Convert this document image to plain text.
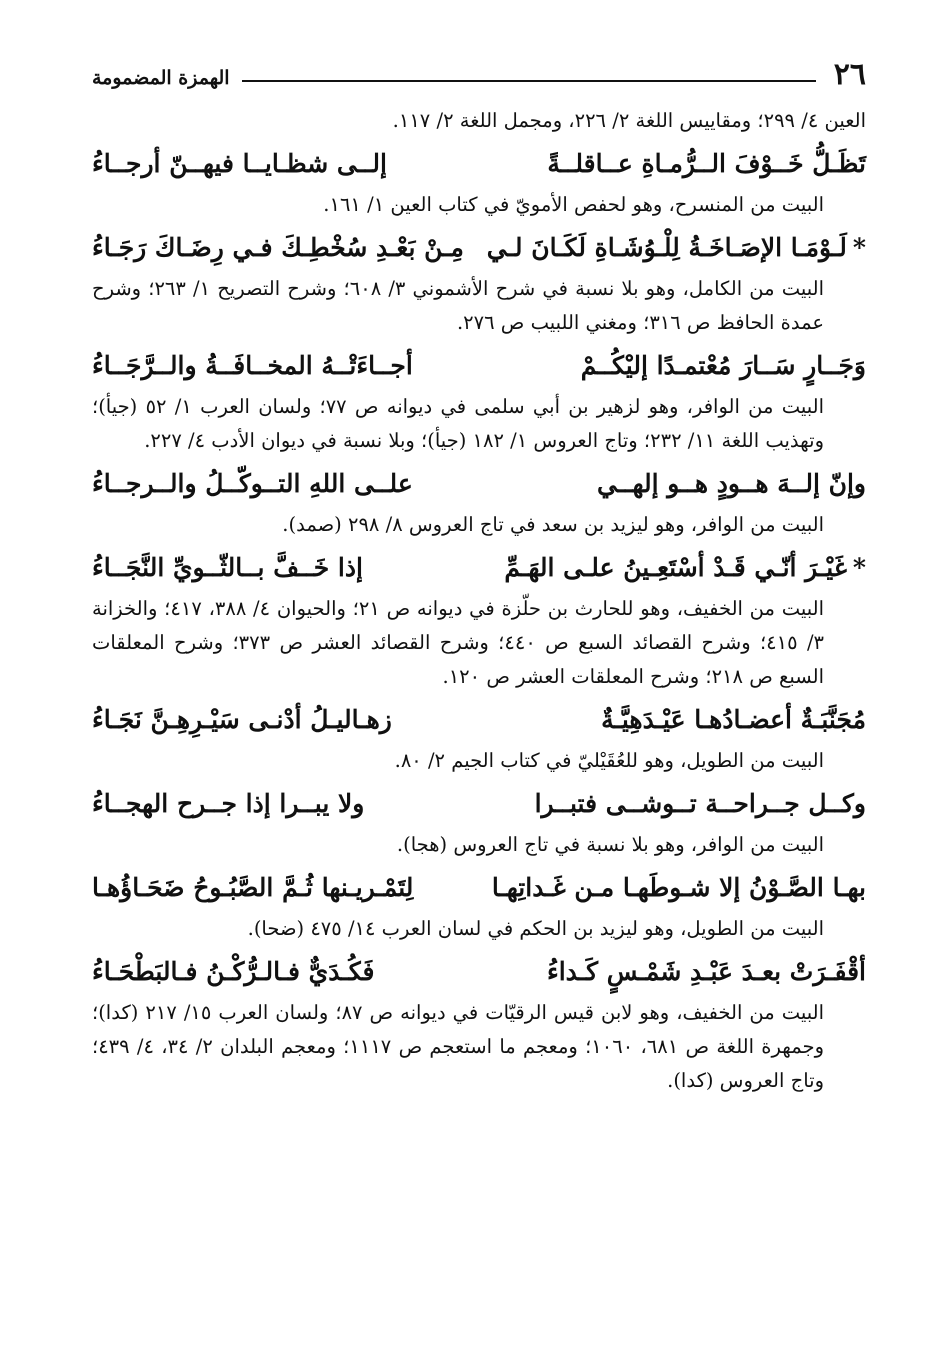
٢٦
الهمزة المضمومة

العين ٤/ ٢٩٩؛ ومقاييس اللغة ٢/ ٢٢٦، ومجمل اللغة ٢/ ١١٧.

تَظَـلُّ خَــوْفَ الــرُّمـاةِ عــاقلــةً
إلــى شظـايــا فيهــنّ أرجــاءُ

البيت من المنسرح، وهو لحفص الأمويّ في كتاب العين ١/ ١٦١.

*لَـوْمَـا الإصَـاخَـةُ لِلْـوُشَـاةِ لَكَـانَ لـي
مِـنْ بَعْـدِ سُخْطِـكَ فـي رِضَـاكَ رَجَـاءُ

البيت من الكامل، وهو بلا نسبة في شرح الأشموني ٣/ ٦٠٨؛ وشرح التصريح ١/ ٢٦٣؛ وشرح عمدة الحافظ ص ٣١٦؛ ومغني اللبيب ص ٢٧٦.

وَجَــارٍ سَــارَ مُعْتمـدًا إليْكُــمْ
أجــاءَتْــهُ المخــافَــةُ والــرَّجَــاءُ

البيت من الوافر، وهو لزهير بن أبي سلمى في ديوانه ص ٧٧؛ ولسان العرب ١/ ٥٢ (جيأ)؛ وتهذيب اللغة ١١/ ٢٣٢؛ وتاج العروس ١/ ١٨٢ (جيأ)؛ وبلا نسبة في ديوان الأدب ٤/ ٢٢٧.

وإنّ إلــهَ هــودٍ هــو إلهــي
علــى اللهِ التــوكّــلُ والــرجــاءُ

البيت من الوافر، وهو ليزيد بن سعد في تاج العروس ٨/ ٢٩٨ (صمد).

*غَيْـرَ أنّـي قَـدْ أسْتَعِـينُ علـى الهَـمِّ
إذا خَــفَّ بــالثّــويِّ النَّجَــاءُ

البيت من الخفيف، وهو للحارث بن حلّزة في ديوانه ص ٢١؛ والحيوان ٤/ ٣٨٨، ٤١٧؛ والخزانة ٣/ ٤١٥؛ وشرح القصائد السبع ص ٤٤٠؛ وشرح القصائد العشر ص ٣٧٣؛ وشرح المعلقات السبع ص ٢١٨؛ وشرح المعلقات العشر ص ١٢٠.

مُجَنَّبَـةٌ أعضـادُهـا عَيْـدَهِيَّـةٌ
زهـاليـلُ أدْنـى سَيْـرِهِـنَّ نَجَـاءُ

البيت من الطويل، وهو للعُقَيْليّ في كتاب الجيم ٢/ ٨٠.

وكــل جــراحــة تــوشــى فتبــرا
ولا يبــرا إذا جــرح الهجــاءُ

البيت من الوافر، وهو بلا نسبة في تاج العروس (هجا).

بهـا الصَّـوْنُ إلا شـوطَهـا مـن غَـداتِهـا
لِتَمْـريـنها ثُـمَّ الصَّبُـوحُ ضَحَـاؤُهـا

البيت من الطويل، وهو ليزيد بن الحكم في لسان العرب ١٤/ ٤٧٥ (ضحا).

أقْفَـرَتْ بعـدَ عَبْـدِ شَمْـسٍ كَـداءُ
فَكُـدَيٌّ فـالـرُّكْـنُ فـالبَطْحَـاءُ

البيت من الخفيف، وهو لابن قيس الرقيّات في ديوانه ص ٨٧؛ ولسان العرب ١٥/ ٢١٧ (كدا)؛ وجمهرة اللغة ص ٦٨١، ١٠٦٠؛ ومعجم ما استعجم ص ١١١٧؛ ومعجم البلدان ٢/ ٣٤، ٤/ ٤٣٩؛ وتاج العروس (كدا).
